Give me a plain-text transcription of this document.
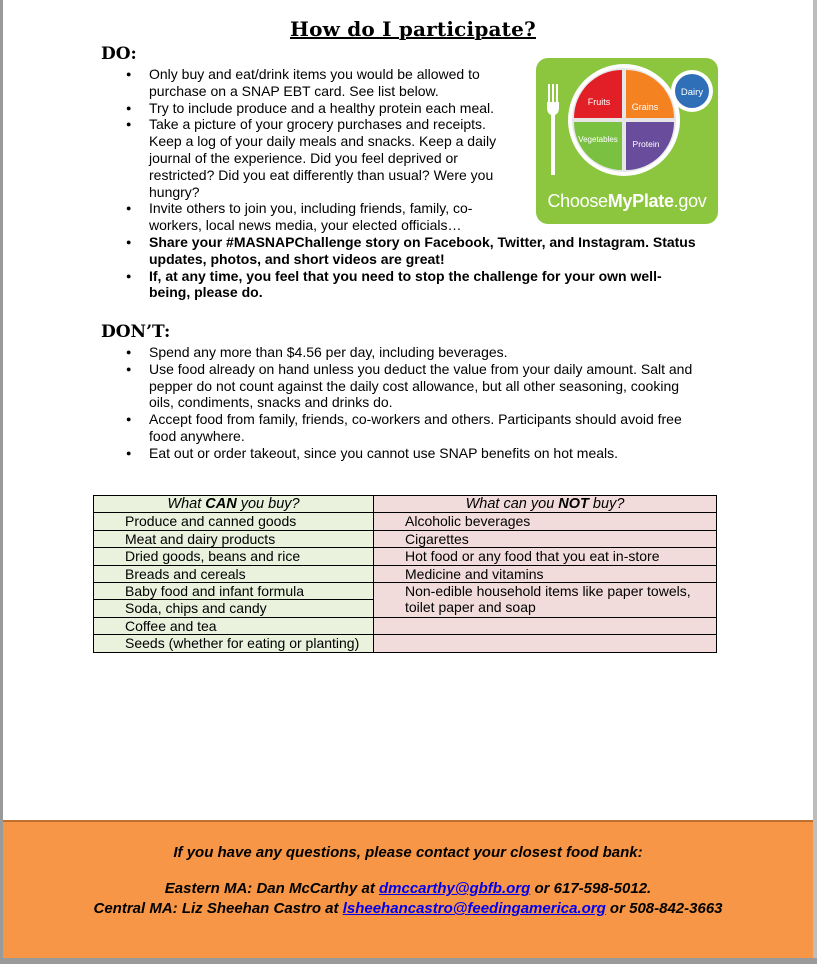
How do I participate?
DO:
● Only buy and eat/drink items you would be allowed to
purchase on a SNAP EBT card. See list below.
● Try to include produce and a healthy protein each meal.
● Take a picture of your grocery purchases and receipts.
Keep a log of your daily meals and snacks. Keep a daily
journal of the experience. Did you feel deprived or
restricted? Did you eat differently than usual? Were you
hungry?
● Invite others to join you, including friends, family, co-
workers, local news media, your elected officials…
● Share your #MASNAPChallenge story on Facebook, Twitter, and Instagram. Status
updates, photos, and short videos are great!
● If, at any time, you feel that you need to stop the challenge for your own well-
being, please do.
Fruits Grains
Vegetables Protein
Dairy
ChooseMyPlate.gov
DON’T:
● Spend any more than $4.56 per day, including beverages.
● Use food already on hand unless you deduct the value from your daily amount. Salt and
pepper do not count against the daily cost allowance, but all other seasoning, cooking
oils, condiments, snacks and drinks do.
● Accept food from family, friends, co-workers and others. Participants should avoid free
food anywhere.
● Eat out or order takeout, since you cannot use SNAP benefits on hot meals.
What CAN you buy?	What can you NOT buy?
Produce and canned goods	Alcoholic beverages
Meat and dairy products	Cigarettes
Dried goods, beans and rice	Hot food or any food that you eat in-store
Breads and cereals	Medicine and vitamins
Baby food and infant formula	Non-edible household items like paper towels, toilet paper and soap
Soda, chips and candy	
Coffee and tea	
Seeds (whether for eating or planting)	

If you have any questions, please contact your closest food bank:

Eastern MA: Dan McCarthy at dmccarthy@gbfb.org or 617-598-5012.

Central MA: Liz Sheehan Castro at lsheehancastro@feedingamerica.org or 508-842-3663
